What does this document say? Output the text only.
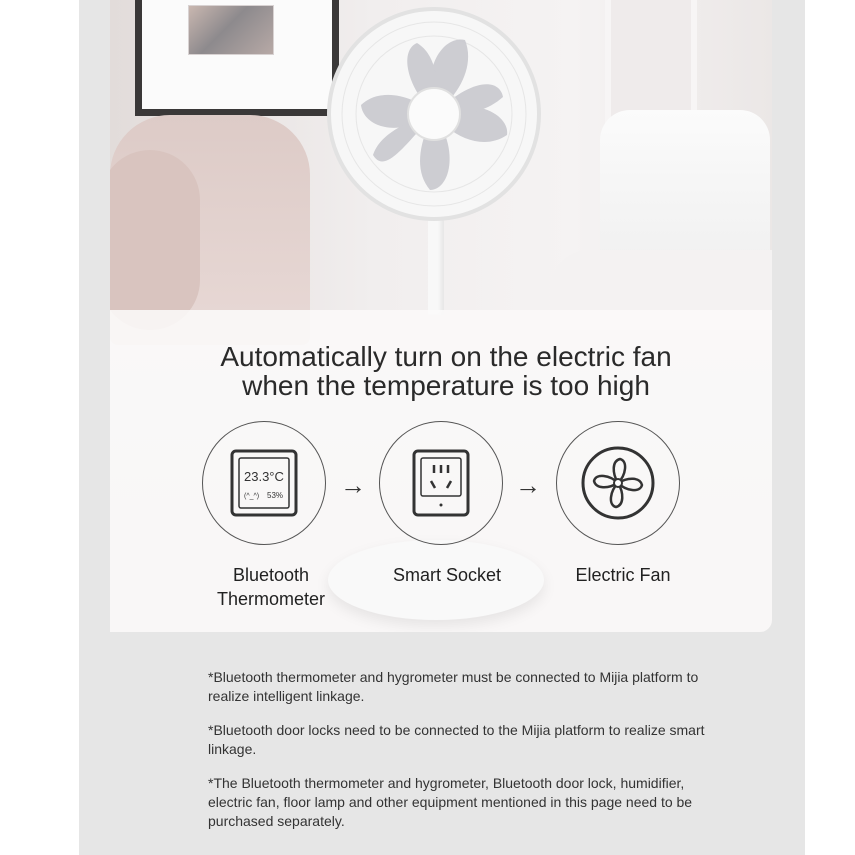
Automatically turn on the electric fan
when the temperature is too high
23.3°C
(^_^) 53% →	→
Bluetooth
Thermometer
Smart Socket	Electric Fan

*Bluetooth thermometer and hygrometer must be connected to Mijia platform to realize intelligent linkage.

*Bluetooth door locks need to be connected to the Mijia platform to realize smart linkage.

*The Bluetooth thermometer and hygrometer, Bluetooth door lock, humidifier, electric fan, floor lamp and other equipment mentioned in this page need to be purchased separately.
